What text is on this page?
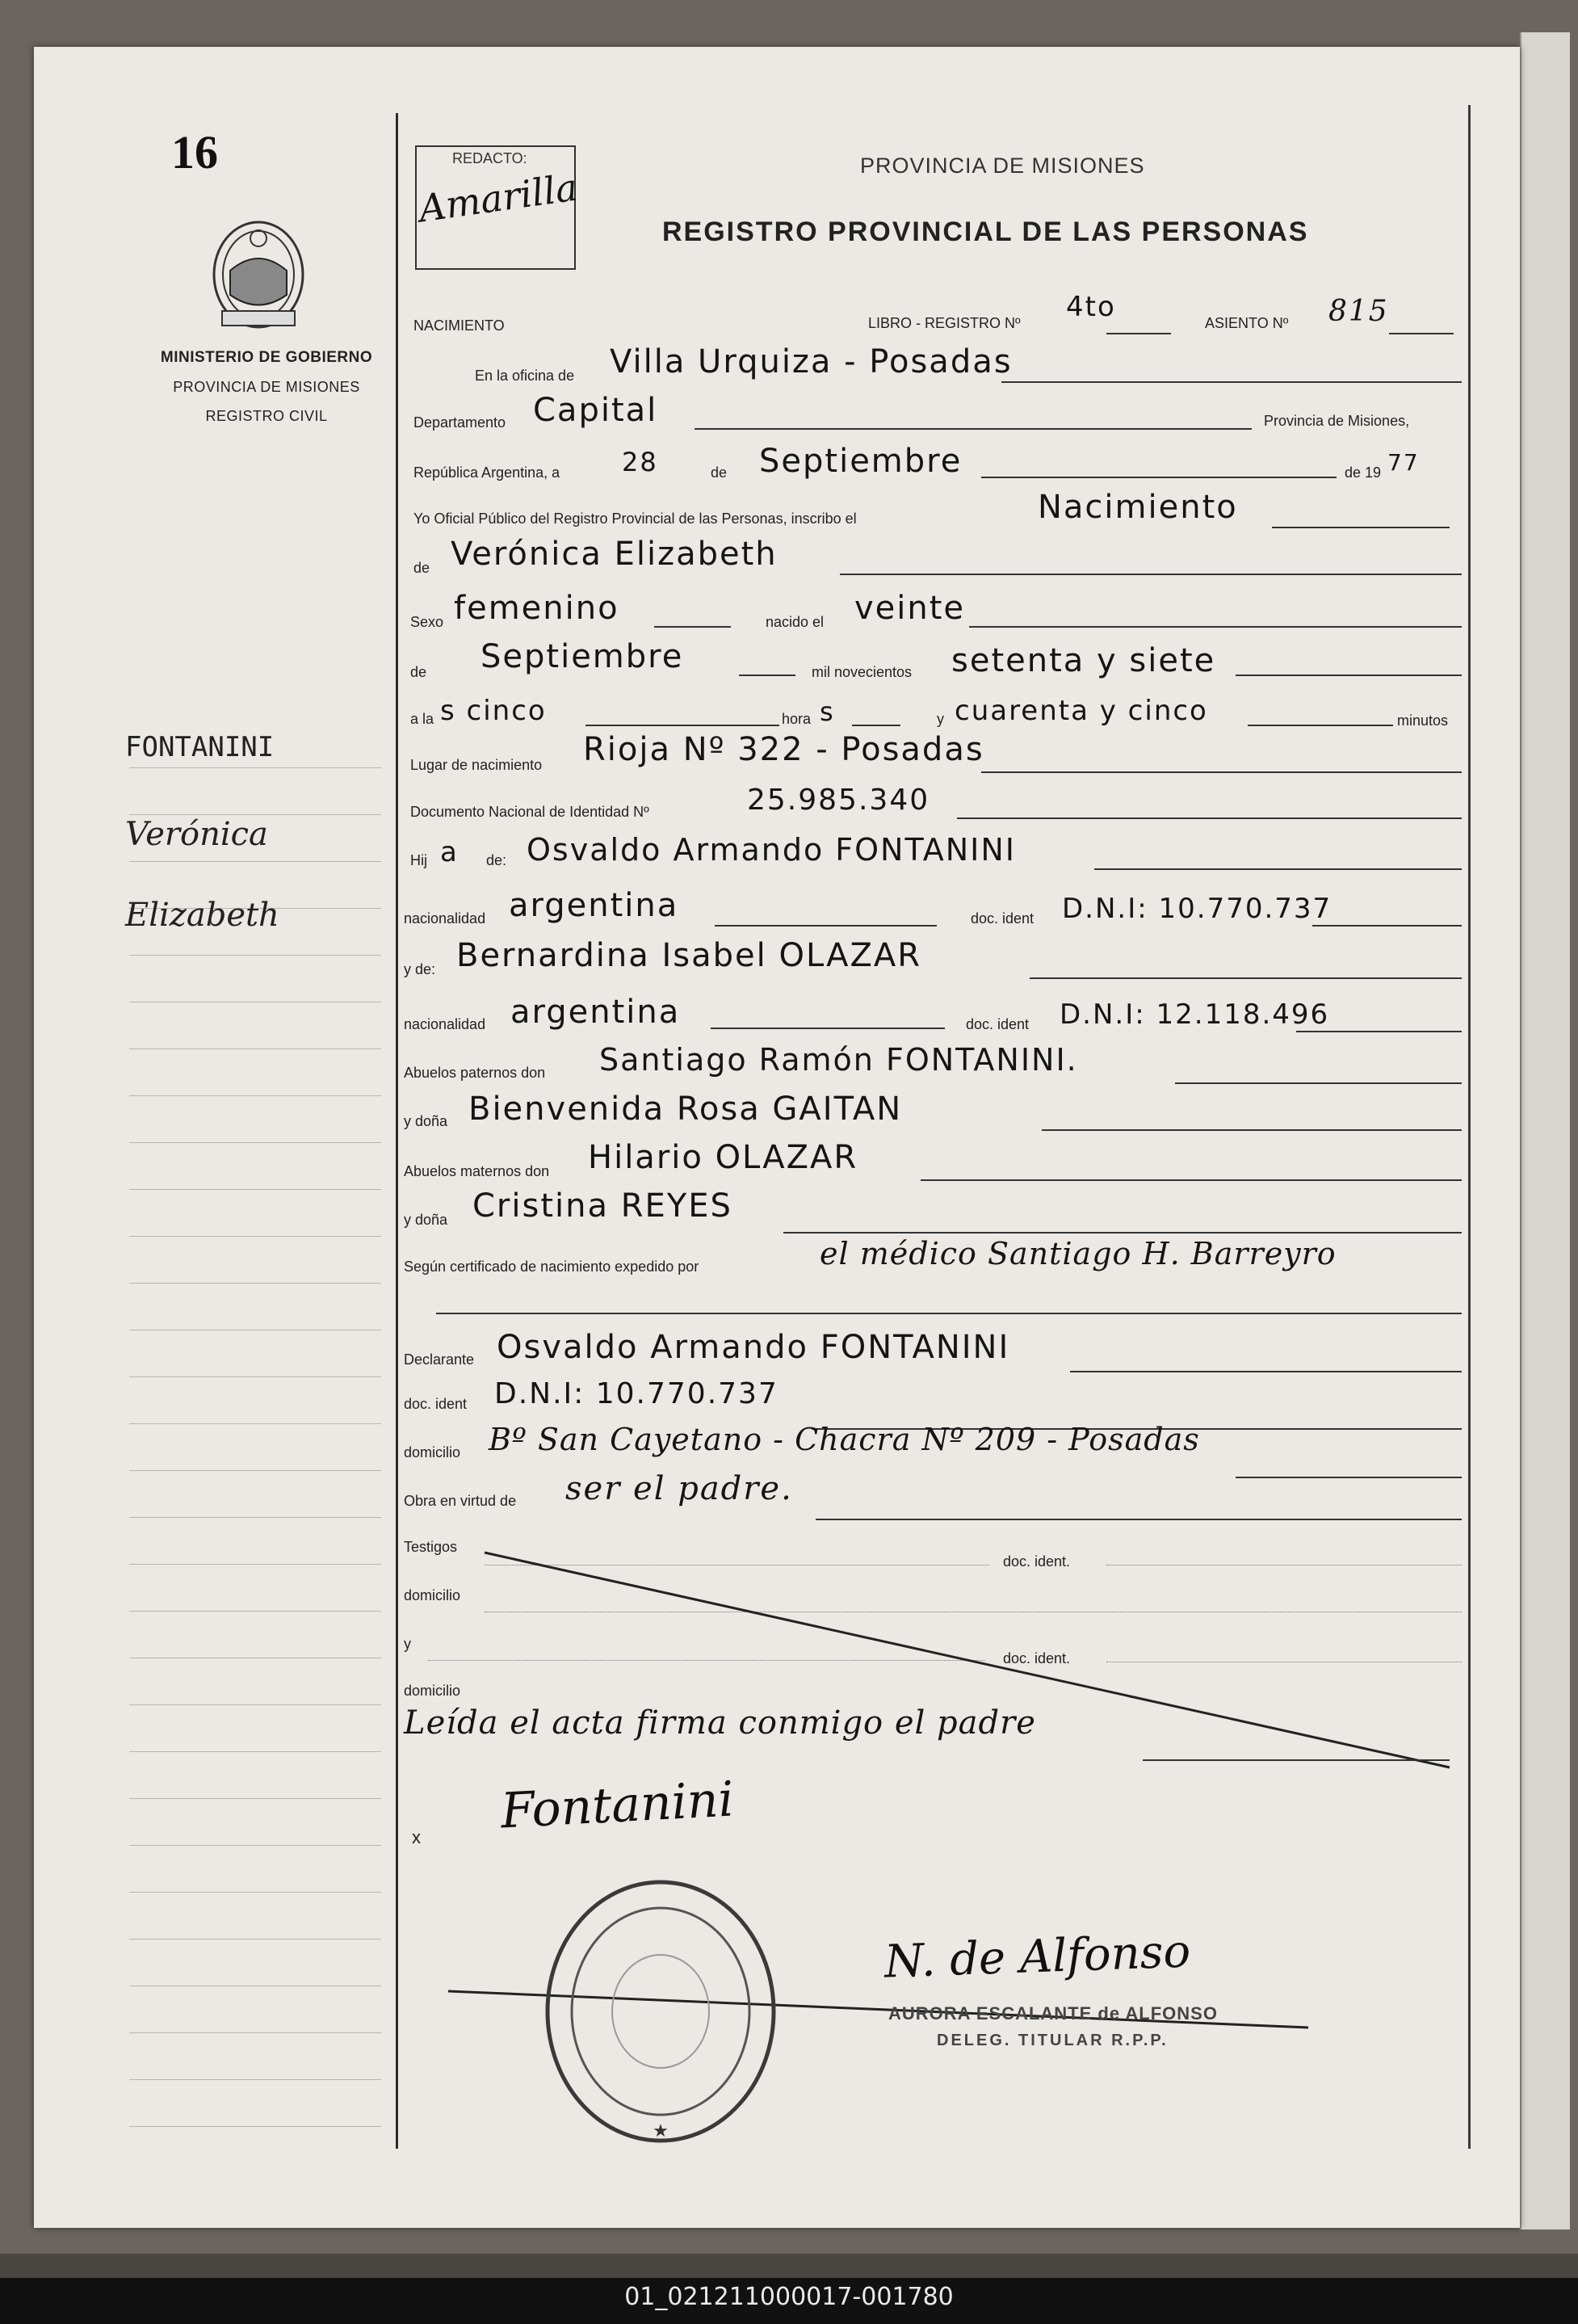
16
MINISTERIO DE GOBIERNO
PROVINCIA DE MISIONES
REGISTRO CIVIL
FONTANINI
Verónica
Elizabeth
REDACTO:
Amarilla	PROVINCIA DE MISIONES
REGISTRO PROVINCIAL DE LAS PERSONAS
NACIMIENTO	LIBRO - REGISTRO Nº 4to	ASIENTO Nº 815
En la oficina de Villa Urquiza - Posadas
Departamento Capital	Provincia de Misiones,
República Argentina, a 28	de Septiembre	de 19 77
Yo Oficial Público del Registro Provincial de las Personas, inscribo el	Nacimiento
de Verónica Elizabeth
Sexo femenino	nacido el veinte
de Septiembre	mil novecientos setenta y siete
a la s cinco	hora s	y cuarenta y cinco	minutos
Lugar de nacimiento Rioja Nº 322 - Posadas
Documento Nacional de Identidad Nº	25.985.340
Hij a de: Osvaldo Armando FONTANINI
nacionalidad argentina	doc. ident D.N.I: 10.770.737
y de: Bernardina Isabel OLAZAR
nacionalidad argentina	doc. ident D.N.I: 12.118.496
Abuelos paternos don Santiago Ramón FONTANINI.
y doña Bienvenida Rosa GAITAN
Abuelos maternos don Hilario OLAZAR
y doña Cristina REYES
Según certificado de nacimiento expedido por	el médico Santiago H. Barreyro
Declarante Osvaldo Armando FONTANINI
doc. ident D.N.I: 10.770.737
domicilio Bº San Cayetano - Chacra Nº 209 - Posadas
Obra en virtud de ser el padre.
Testigos
doc. ident.
domicilio
y
doc. ident.
domicilio
Leída el acta firma conmigo el padre
x Fontanini
★
N. de Alfonso
AURORA ESCALANTE de ALFONSO
DELEG. TITULAR R.P.P.
01_021211000017-001780
